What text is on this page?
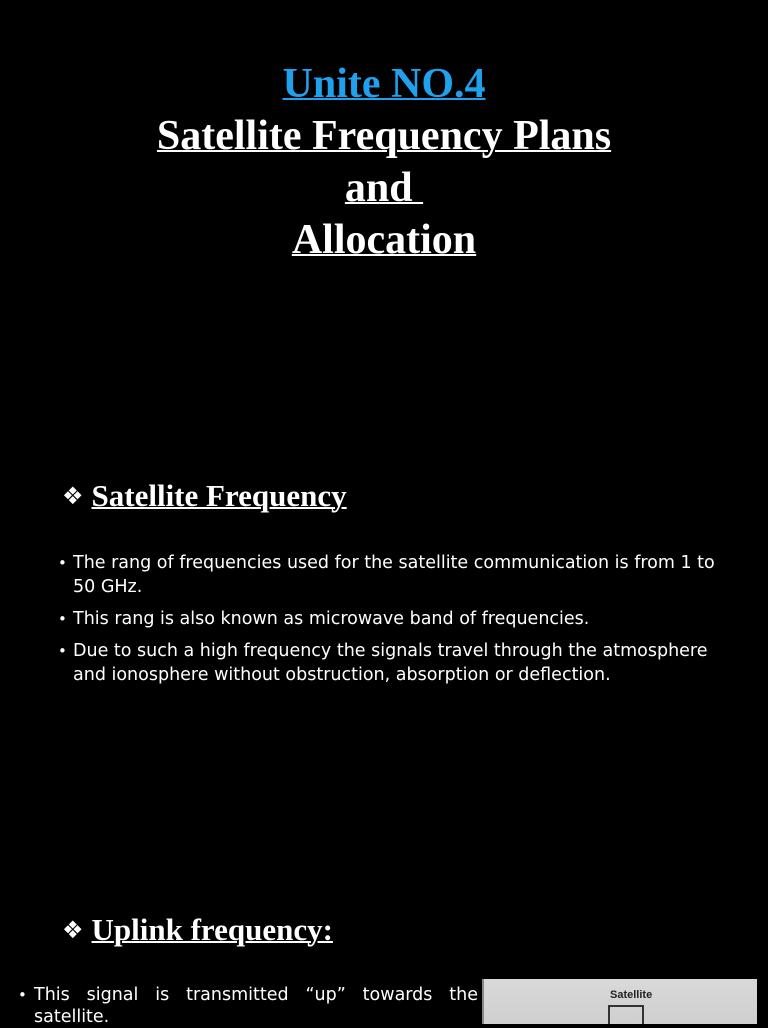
Unite NO.4
Satellite Frequency Plans
and
Allocation
❖ Satellite Frequency
• The rang of frequencies used for the satellite communication is from 1 to 50 GHz.
• This rang is also known as microwave band of frequencies.
• Due to such a high frequency the signals travel through the atmosphere and ionosphere without obstruction, absorption or deflection.
❖ Uplink frequency:
• This signal is transmitted “up” towards the satellite.
Satellite
